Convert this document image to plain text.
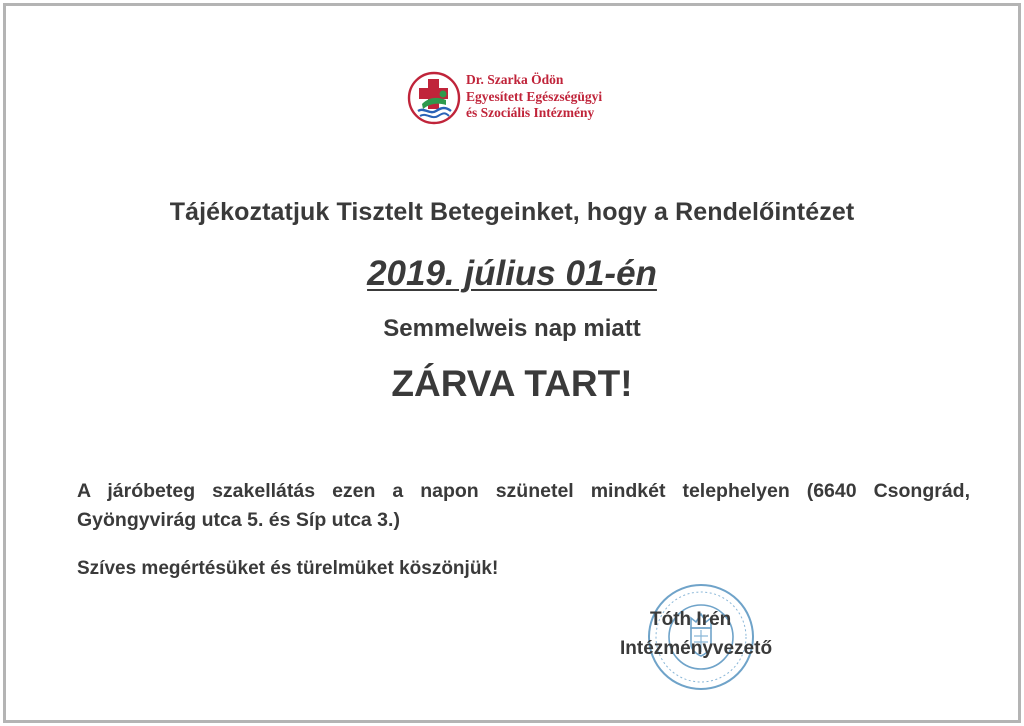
Dr. Szarka Ödön
Egyesített Egészségügyi
és Szociális Intézmény
Tájékoztatjuk Tisztelt Betegeinket, hogy a Rendelőintézet
2019. július 01-én
Semmelweis nap miatt
ZÁRVA TART!
A járóbeteg szakellátás ezen a napon szünetel mindkét telephelyen (6640 Csongrád, Gyöngyvirág utca 5. és Síp utca 3.)
Szíves megértésüket és türelmüket köszönjük!
Tóth Irén
Intézményvezető
